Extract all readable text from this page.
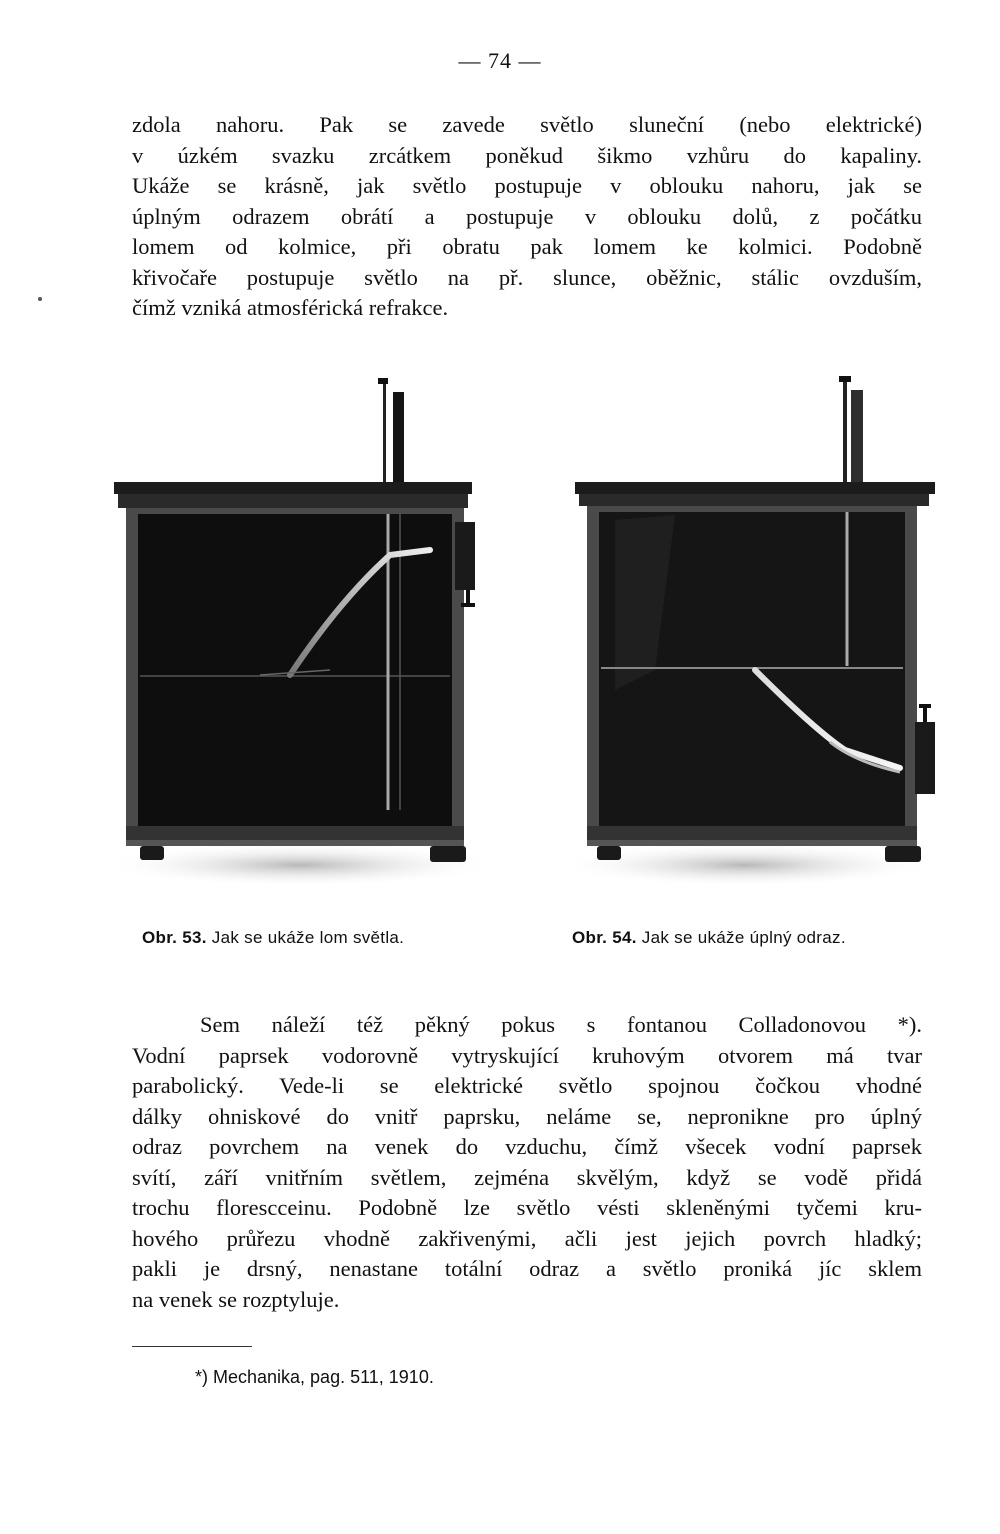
— 74 —
zdola nahoru. Pak se zavede světlo sluneční (nebo elektrické)
v úzkém svazku zrcátkem poněkud šikmo vzhůru do kapaliny.
Ukáže se krásně, jak světlo postupuje v oblouku nahoru, jak se
úplným odrazem obrátí a postupuje v oblouku dolů, z počátku
lomem od kolmice, při obratu pak lomem ke kolmici. Podobně
křivočaře postupuje světlo na př. slunce, oběžnic, stálic ovzduším,
čímž vzniká atmosférická refrakce.
Obr. 53. Jak se ukáže lom světla.	Obr. 54. Jak se ukáže úplný odraz.
Sem náleží též pěkný pokus s fontanou Colladonovou *).
Vodní paprsek vodorovně vytryskující kruhovým otvorem má tvar
parabolický. Vede-li se elektrické světlo spojnou čočkou vhodné
dálky ohniskové do vnitř paprsku, neláme se, nepronikne pro úplný
odraz povrchem na venek do vzduchu, čímž všecek vodní paprsek
svítí, září vnitřním světlem, zejména skvělým, když se vodě přidá
trochu florescceinu. Podobně lze světlo vésti skleněnými tyčemi kru-
hového průřezu vhodně zakřivenými, ačli jest jejich povrch hladký;
pakli je drsný, nenastane totální odraz a světlo proniká jíc sklem
na venek se rozptyluje.
*) Mechanika, pag. 511, 1910.
